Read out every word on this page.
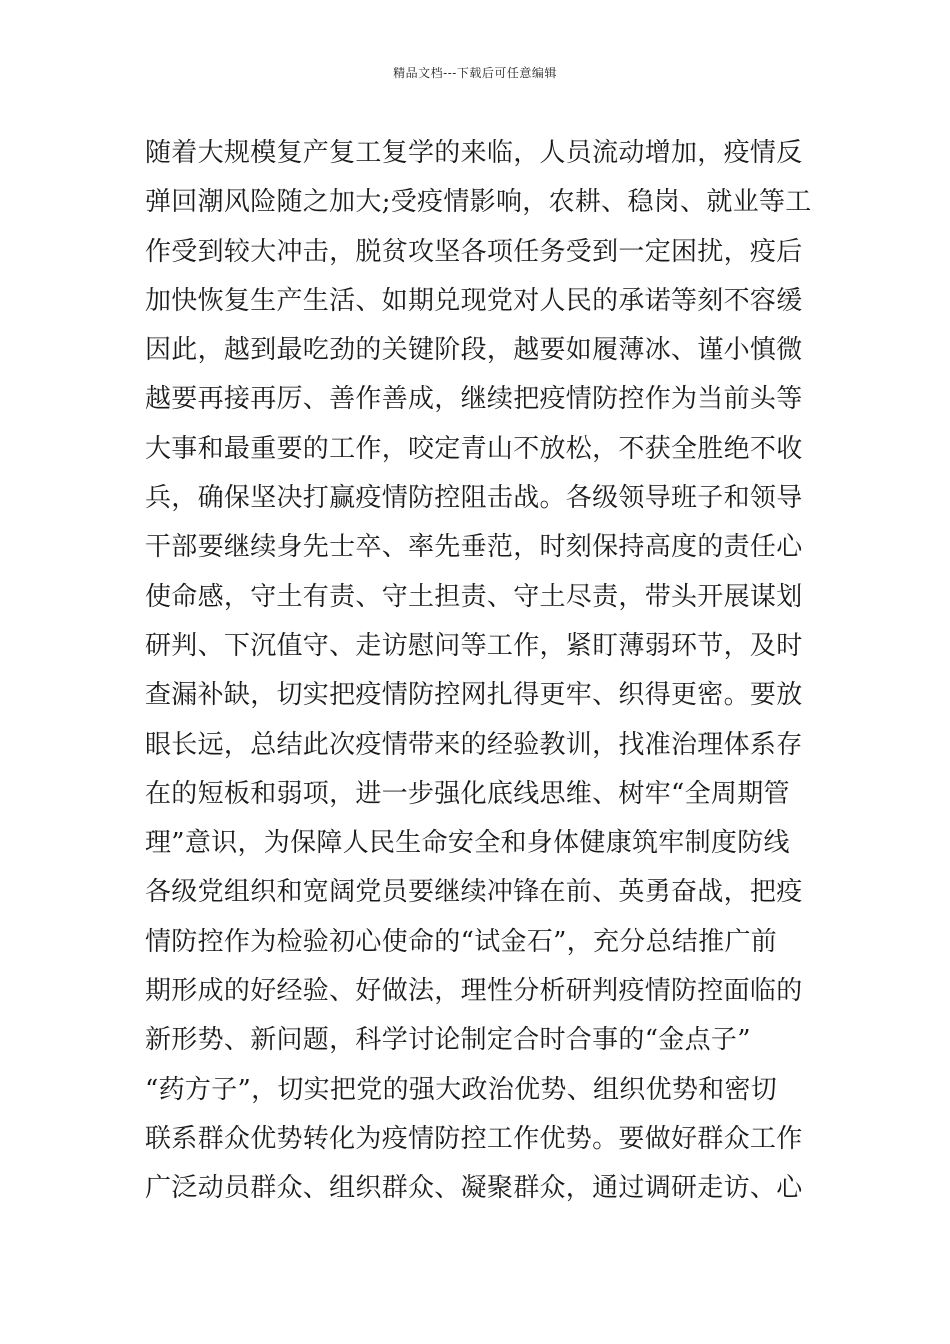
精品文档---下载后可任意编辑
随着大规模复产复工复学的来临，人员流动增加，疫情反
弹回潮风险随之加大;受疫情影响，农耕、稳岗、就业等工
作受到较大冲击，脱贫攻坚各项任务受到一定困扰，疫后
加快恢复生产生活、如期兑现党对人民的承诺等刻不容缓
因此，越到最吃劲的关键阶段，越要如履薄冰、谨小慎微
越要再接再厉、善作善成，继续把疫情防控作为当前头等
大事和最重要的工作，咬定青山不放松，不获全胜绝不收
兵，确保坚决打赢疫情防控阻击战。各级领导班子和领导
干部要继续身先士卒、率先垂范，时刻保持高度的责任心
使命感，守土有责、守土担责、守土尽责，带头开展谋划
研判、下沉值守、走访慰问等工作，紧盯薄弱环节，及时
查漏补缺，切实把疫情防控网扎得更牢、织得更密。要放
眼长远，总结此次疫情带来的经验教训，找准治理体系存
在的短板和弱项，进一步强化底线思维、树牢“全周期管
理”意识，为保障人民生命安全和身体健康筑牢制度防线
各级党组织和宽阔党员要继续冲锋在前、英勇奋战，把疫
情防控作为检验初心使命的“试金石”，充分总结推广前
期形成的好经验、好做法，理性分析研判疫情防控面临的
新形势、新问题，科学讨论制定合时合事的“金点子”
“药方子”，切实把党的强大政治优势、组织优势和密切
联系群众优势转化为疫情防控工作优势。要做好群众工作
广泛动员群众、组织群众、凝聚群众，通过调研走访、心
